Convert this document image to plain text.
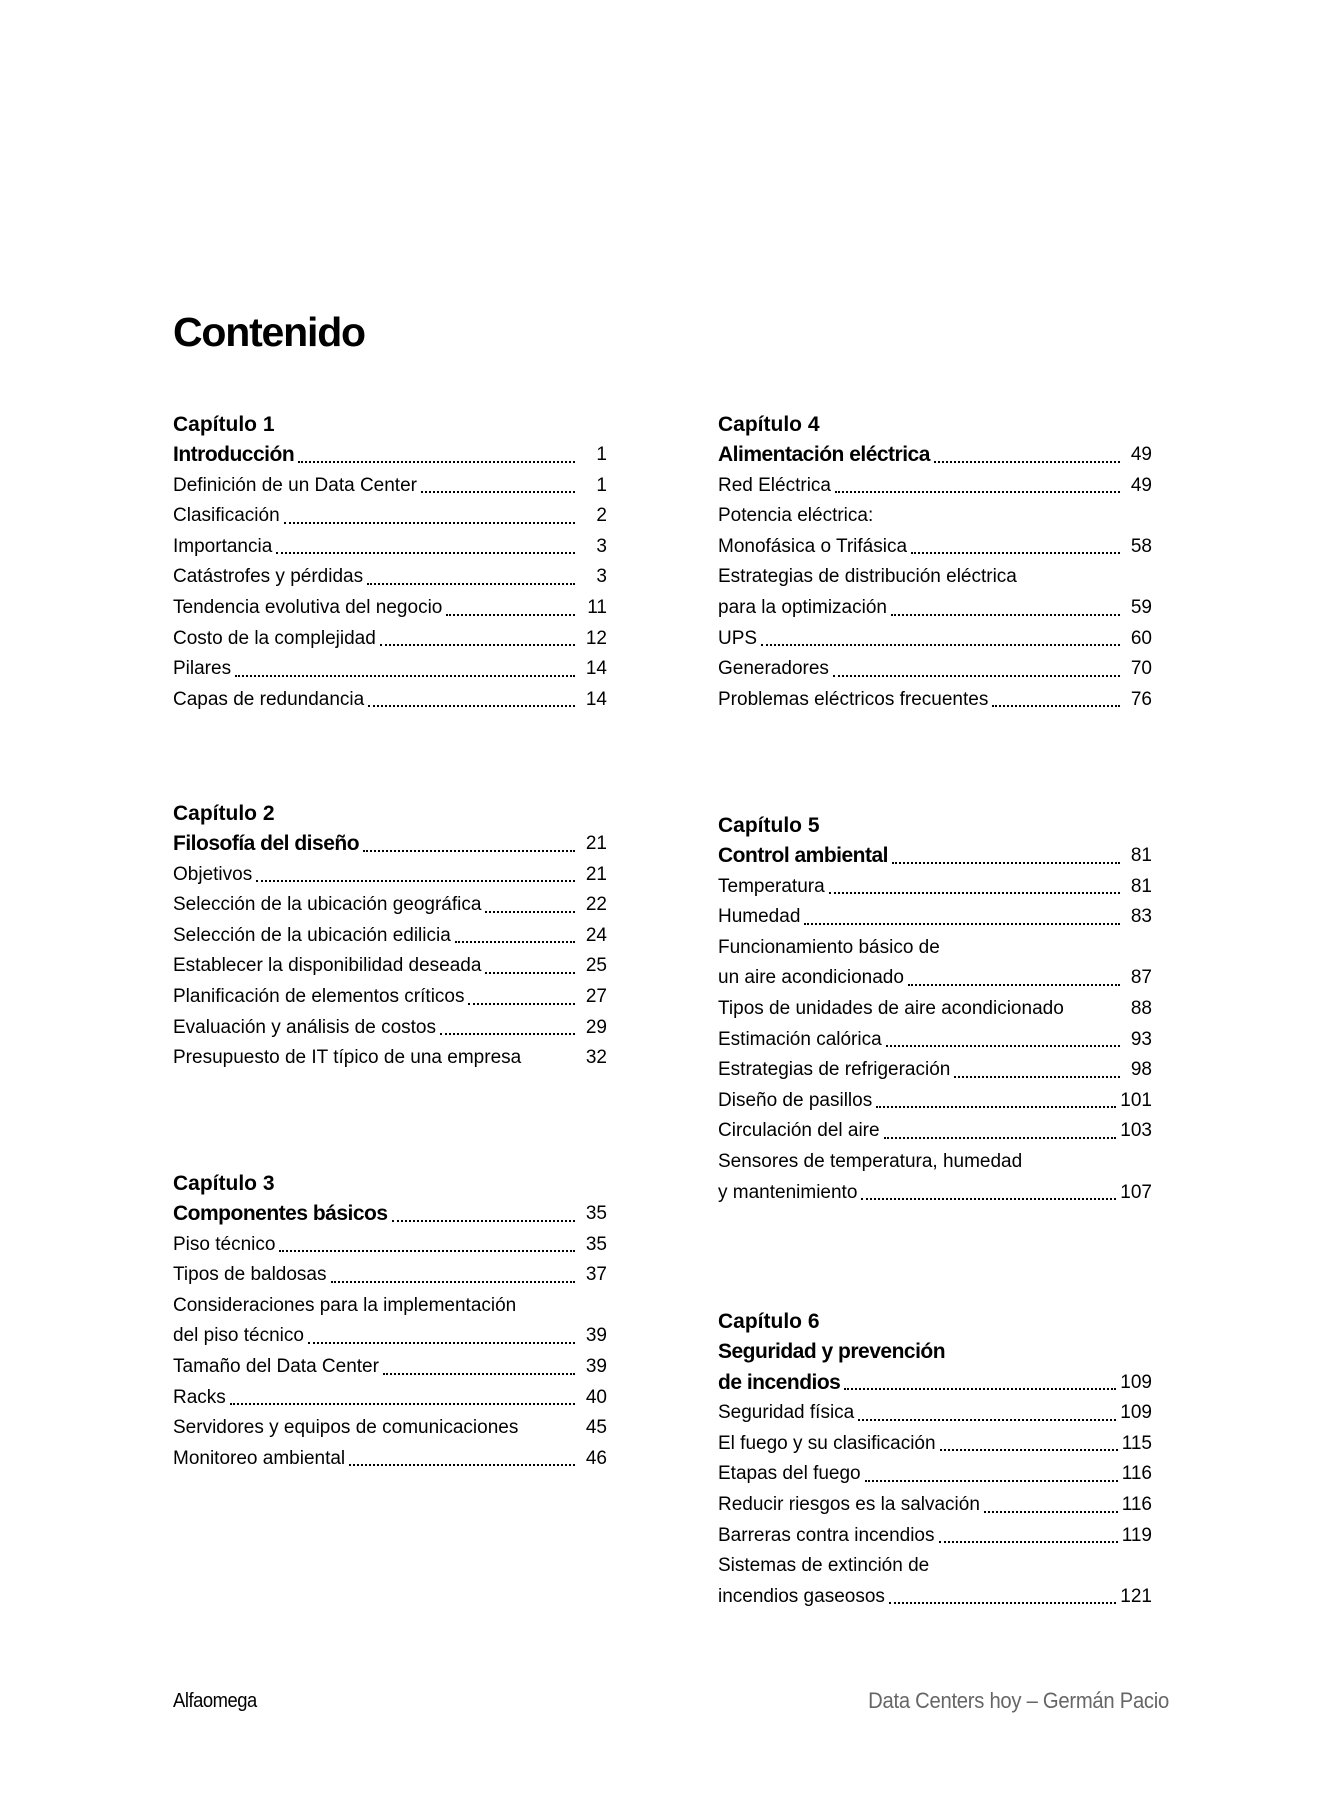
Contenido
Capítulo 1
Introducción	1
Definición de un Data Center	1
Clasificación	2
Importancia	3
Catástrofes y pérdidas	3
Tendencia evolutiva del negocio	11
Costo de la complejidad	12
Pilares	14
Capas de redundancia	14
Capítulo 2
Filosofía del diseño	21
Objetivos	21
Selección de la ubicación geográfica	22
Selección de la ubicación edilicia	24
Establecer la disponibilidad deseada	25
Planificación de elementos críticos	27
Evaluación y análisis de costos	29
Presupuesto de IT típico de una empresa	32
Capítulo 3
Componentes básicos	35
Piso técnico	35
Tipos de baldosas	37
Consideraciones para la implementación
del piso técnico	39
Tamaño del Data Center	39
Racks	40
Servidores y equipos de comunicaciones	45
Monitoreo ambiental	46
Capítulo 4
Alimentación eléctrica	49
Red Eléctrica	49
Potencia eléctrica:
Monofásica o Trifásica	58
Estrategias de distribución eléctrica
para la optimización	59
UPS	60
Generadores	70
Problemas eléctricos frecuentes	76
Capítulo 5
Control ambiental	81
Temperatura	81
Humedad	83
Funcionamiento básico de
un aire acondicionado	87
Tipos de unidades de aire acondicionado	88
Estimación calórica	93
Estrategias de refrigeración	98
Diseño de pasillos	101
Circulación del aire	103
Sensores de temperatura, humedad
y mantenimiento	107
Capítulo 6
Seguridad y prevención
de incendios	109
Seguridad física	109
El fuego y su clasificación	115
Etapas del fuego	116
Reducir riesgos es la salvación	116
Barreras contra incendios	119
Sistemas de extinción de
incendios gaseosos	121
Alfaomega	Data Centers hoy – Germán Pacio
